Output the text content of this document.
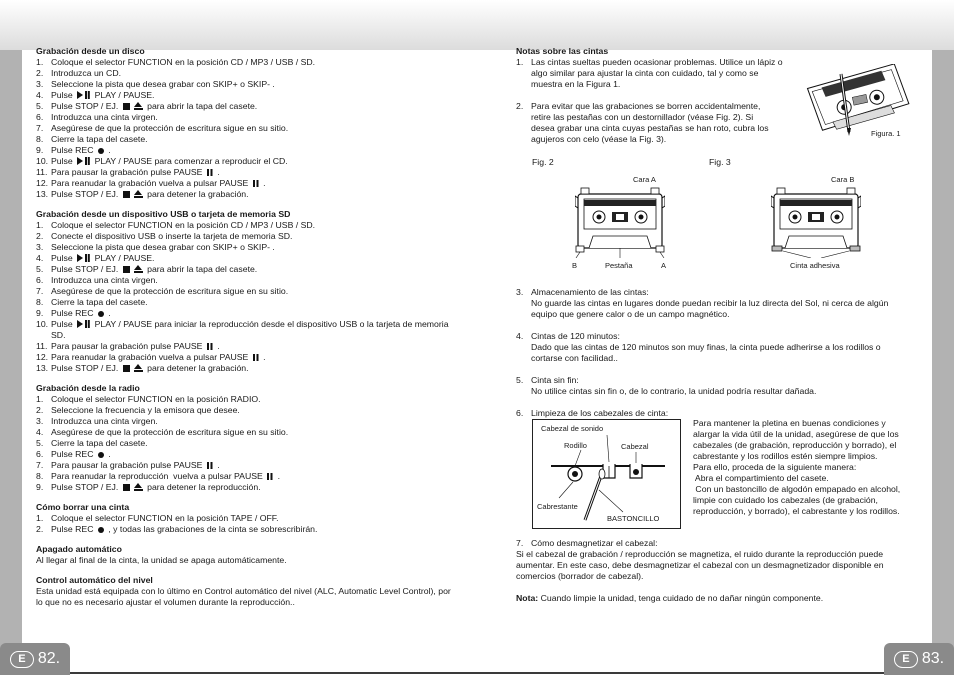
Grabación desde un disco
1. Coloque el selector FUNCTION en la posición CD / MP3 / USB / SD.
2. Introduzca un CD.
3. Seleccione la pista que desea grabar con SKIP+ o SKIP- .
4. Pulse  PLAY / PAUSE.
5. Pulse STOP / EJ.	para abrir la tapa del casete.
6. Introduzca una cinta virgen.
7. Asegúrese de que la protección de escritura sigue en su sitio.
8. Cierre la tapa del casete.
9. Pulse REC  .
10. Pulse  PLAY / PAUSE para comenzar a reproducir el CD.
11. Para pausar la grabación pulse PAUSE  .
12. Para reanudar la grabación vuelva a pulsar PAUSE  .
13. Pulse STOP / EJ.	para detener la grabación.
Grabación desde un dispositivo USB o tarjeta de memoria SD
1. Coloque el selector FUNCTION en la posición CD / MP3 / USB / SD.
2. Conecte el dispositivo USB o inserte la tarjeta de memoria SD.
3. Seleccione la pista que desea grabar con SKIP+ o SKIP- .
4. Pulse  PLAY / PAUSE.
5. Pulse STOP / EJ.	para abrir la tapa del casete.
6. Introduzca una cinta virgen.
7. Asegúrese de que la protección de escritura sigue en su sitio.
8. Cierre la tapa del casete.
9. Pulse REC  .
10. Pulse  PLAY / PAUSE para iniciar la reproducción desde el dispositivo USB o la tarjeta de memoria SD.
11. Para pausar la grabación pulse PAUSE  .
12. Para reanudar la grabación vuelva a pulsar PAUSE  .
13. Pulse STOP / EJ.	para detener la grabación.
Grabación desde la radio
1. Coloque el selector FUNCTION en la posición RADIO.
2. Seleccione la frecuencia y la emisora que desee.
3. Introduzca una cinta virgen.
4. Asegúrese de que la protección de escritura sigue en su sitio.
5. Cierre la tapa del casete.
6. Pulse REC  .
7. Para pausar la grabación pulse PAUSE  .
8. Para reanudar la reproducción  vuelva a pulsar PAUSE  .
9. Pulse STOP / EJ.	para detener la reproducción.
Cómo borrar una cinta
1. Coloque el selector FUNCTION en la posición TAPE / OFF.
2. Pulse REC  , y todas las grabaciones de la cinta se sobrescribirán.
Apagado automático
Al llegar al final de la cinta, la unidad se apaga automáticamente.
Control automático del nivel
Esta unidad está equipada con lo último en Control automático del nivel (ALC, Automatic Level Control), por lo que no es necesario ajustar el volumen durante la reproducción..
Notas sobre las cintas
1. Las cintas sueltas pueden ocasionar problemas. Utilice un lápiz o algo similar para ajustar la cinta con cuidado, tal y como se muestra en la Figura 1.
2. Para evitar que las grabaciones se borren accidentalmente, retire las pestañas con un destornillador (véase Fig. 2). Si desea grabar una cinta cuyas pestañas se han roto, cubra los agujeros con celo (véase la Fig. 3).
Figura. 1
Fig. 2	Fig. 3
Cara A
B	Pestaña	A
Cara B
Cinta adhesiva
3. Almacenamiento de las cintas:
No guarde las cintas en lugares donde puedan recibir la luz directa del Sol, ni cerca de algún equipo que genere calor o de un campo magnético.
4. Cintas de 120 minutos:
Dado que las cintas de 120 minutos son muy finas, la cinta puede adherirse a los rodillos o cortarse con facilidad..
5. Cinta sin fin:
No utilice cintas sin fin o, de lo contrario, la unidad podría resultar dañada.
6. Limpieza de los cabezales de cinta:
Cabezal de sonido
Rodillo	Cabezal
Cabrestante
BASTONCILLO
Para mantener la pletina en buenas condiciones y
alargar la vida útil de la unidad, asegúrese de que los
cabezales (de grabación, reproducción y borrado), el
cabrestante y los rodillos estén siempre limpios.
Para ello, proceda de la siguiente manera:
Abra el compartimiento del casete.
Con un bastoncillo de algodón empapado en alcohol,
limpie con cuidado los cabezales (de grabación,
reproducción, y borrado), el cabrestante y los rodillos.
7. Cómo desmagnetizar el cabezal:
Si el cabezal de grabación / reproducción se magnetiza, el ruido durante la reproducción puede aumentar. En este caso, debe desmagnetizar el cabezal con un desmagnetizador disponible en comercios (borrador de cabezal).
Nota: Cuando limpie la unidad, tenga cuidado de no dañar ningún componente.
E 82.	E 83.
